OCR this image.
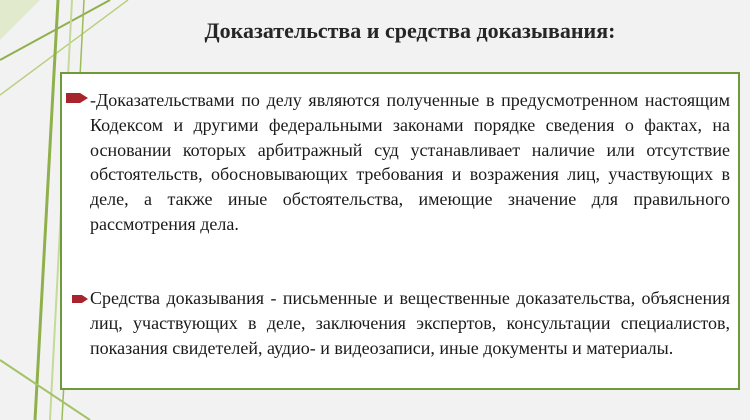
Доказательства и средства доказывания:
-Доказательствами по делу являются полученные в предусмотренном настоящим Кодексом и другими федеральными законами порядке сведения о фактах, на основании которых арбитражный суд устанавливает наличие или отсутствие обстоятельств, обосновывающих требования и возражения лиц, участвующих в деле, а также иные обстоятельства, имеющие значение для правильного рассмотрения дела.
Средства доказывания - письменные и вещественные доказательства, объяснения лиц, участвующих в деле, заключения экспертов, консультации специалистов, показания свидетелей, аудио- и видеозаписи, иные документы и материалы.
